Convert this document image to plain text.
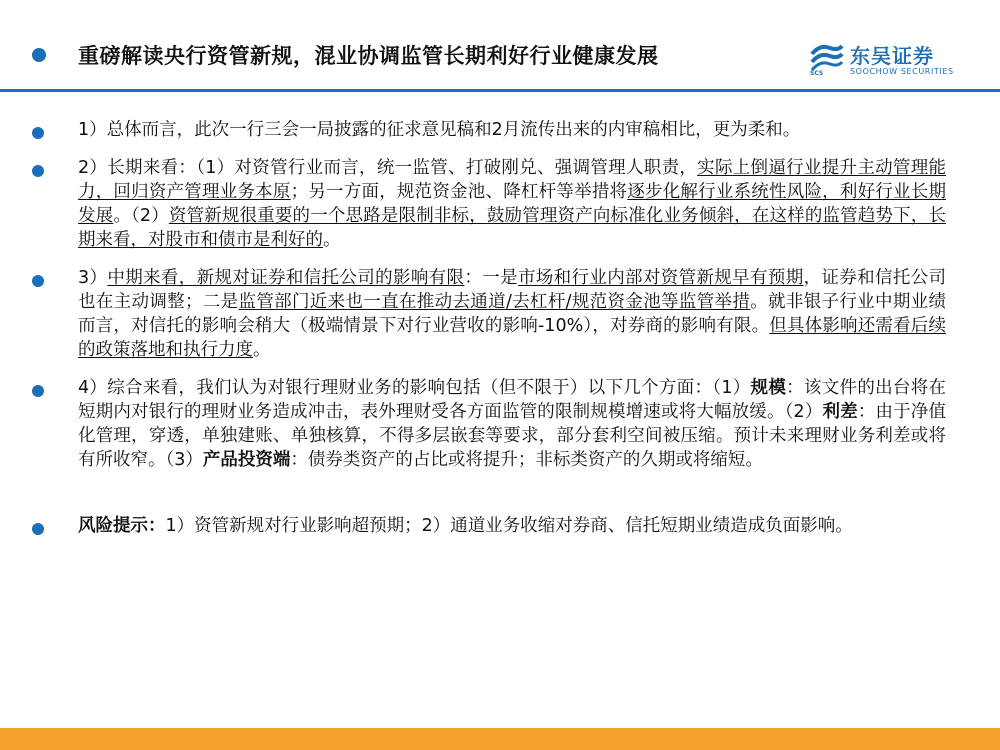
重磅解读央行资管新规，混业协调监管长期利好行业健康发展
SCS
东吴证券
SOOCHOW SECURITIES
1）总体而言，此次一行三会一局披露的征求意见稿和2月流传出来的内审稿相比，更为柔和。
2）长期来看：（1）对资管行业而言，统一监管、打破刚兑、强调管理人职责，实际上倒逼行业提升主动管理能力，回归资产管理业务本原；另一方面，规范资金池、降杠杆等举措将逐步化解行业系统性风险，利好行业长期发展。（2）资管新规很重要的一个思路是限制非标，鼓励管理资产向标准化业务倾斜，在这样的监管趋势下，长期来看，对股市和债市是利好的。
3）中期来看，新规对证券和信托公司的影响有限：一是市场和行业内部对资管新规早有预期，证券和信托公司也在主动调整；二是监管部门近来也一直在推动去通道/去杠杆/规范资金池等监管举措。就非银子行业中期业绩而言，对信托的影响会稍大（极端情景下对行业营收的影响-10%），对券商的影响有限。但具体影响还需看后续的政策落地和执行力度。
4）综合来看，我们认为对银行理财业务的影响包括（但不限于）以下几个方面：（1）规模：该文件的出台将在短期内对银行的理财业务造成冲击，表外理财受各方面监管的限制规模增速或将大幅放缓。（2）利差：由于净值化管理，穿透，单独建账、单独核算，不得多层嵌套等要求，部分套利空间被压缩。预计未来理财业务利差或将有所收窄。（3）产品投资端：债券类资产的占比或将提升；非标类资产的久期或将缩短。
风险提示：1）资管新规对行业影响超预期；2）通道业务收缩对券商、信托短期业绩造成负面影响。
